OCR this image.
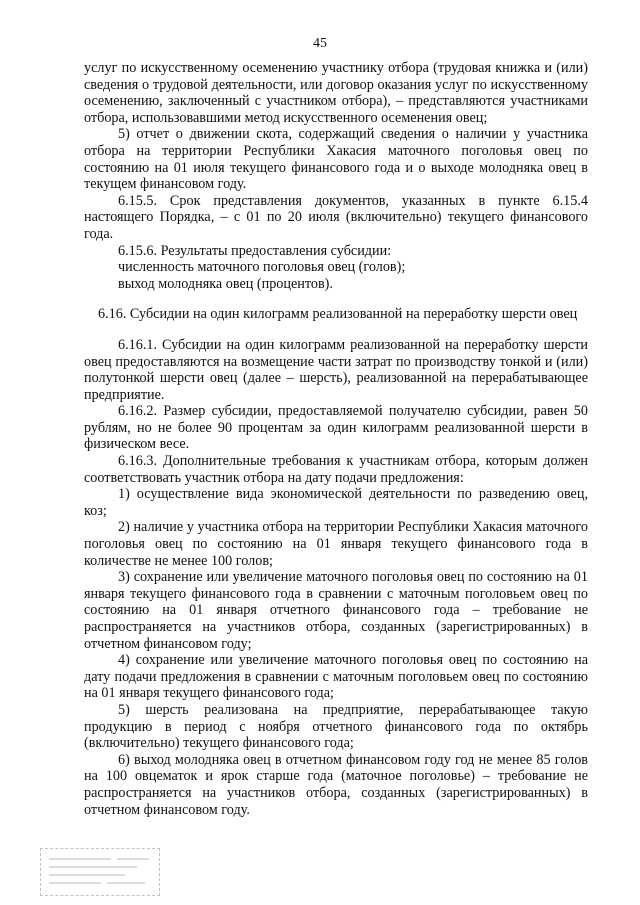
45

услуг по искусственному осеменению участнику отбора (трудовая книжка и (или) сведения о трудовой деятельности, или договор оказания услуг по искусственному осеменению, заключенный с участником отбора), – представляются участниками отбора, использовавшими метод искусственного осеменения овец;

5) отчет о движении скота, содержащий сведения о наличии у участника отбора на территории Республики Хакасия маточного поголовья овец по состоянию на 01 июля текущего финансового года и о выходе молодняка овец в текущем финансовом году.

6.15.5. Срок представления документов, указанных в пункте 6.15.4 настоящего Порядка, – с 01 по 20 июля (включительно) текущего финансового года.

6.15.6. Результаты предоставления субсидии:

численность маточного поголовья овец (голов);

выход молодняка овец (процентов).

6.16. Субсидии на один килограмм реализованной на переработку шерсти овец

6.16.1. Субсидии на один килограмм реализованной на переработку шерсти овец предоставляются на возмещение части затрат по производству тонкой и (или) полутонкой шерсти овец (далее – шерсть), реализованной на перерабатывающее предприятие.

6.16.2. Размер субсидии, предоставляемой получателю субсидии, равен 50 рублям, но не более 90 процентам за один килограмм реализованной шерсти в физическом весе.

6.16.3. Дополнительные требования к участникам отбора, которым должен соответствовать участник отбора на дату подачи предложения:

1) осуществление вида экономической деятельности по разведению овец, коз;

2) наличие у участника отбора на территории Республики Хакасия маточного поголовья овец по состоянию на 01 января текущего финансового года в количестве не менее 100 голов;

3) сохранение или увеличение маточного поголовья овец по состоянию на 01 января текущего финансового года в сравнении с маточным поголовьем овец по состоянию на 01 января отчетного финансового года – требование не распространяется на участников отбора, созданных (зарегистрированных) в отчетном финансовом году;

4) сохранение или увеличение маточного поголовья овец по состоянию на дату подачи предложения в сравнении с маточным поголовьем овец по состоянию на 01 января текущего финансового года;

5) шерсть реализована на предприятие, перерабатывающее такую продукцию в период с ноября отчетного финансового года по октябрь (включительно) текущего финансового года;

6) выход молодняка овец в отчетном финансовом году год не менее 85 голов на 100 овцематок и ярок старше года (маточное поголовье) – требование не распространяется на участников отбора, созданных (зарегистрированных) в отчетном финансовом году.
